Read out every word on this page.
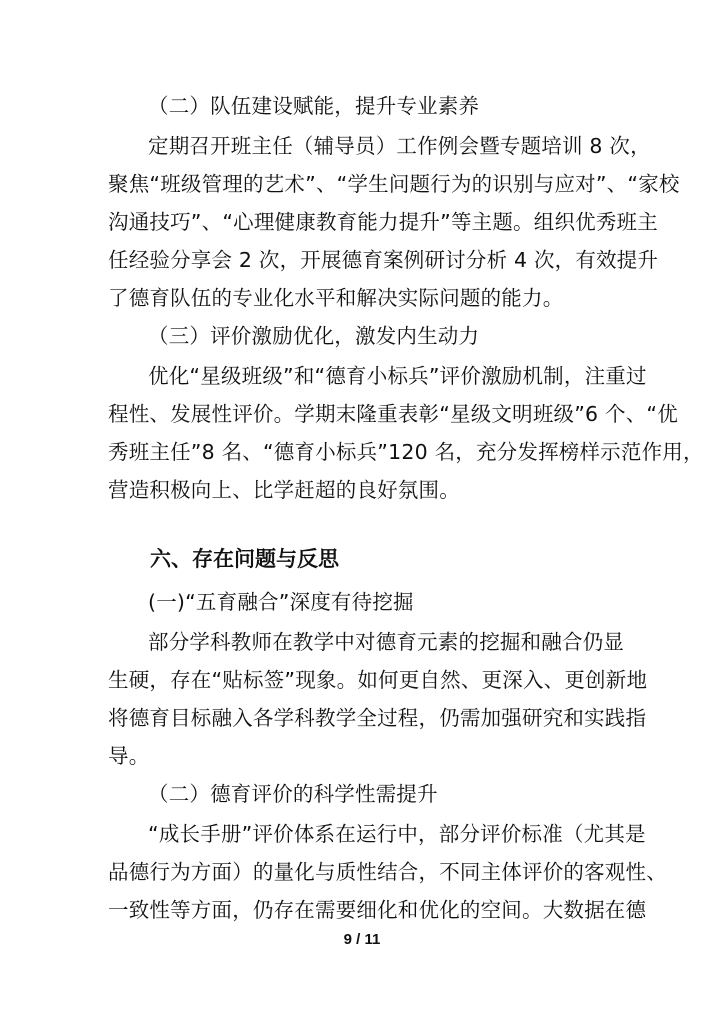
（二）队伍建设赋能，提升专业素养
定期召开班主任（辅导员）工作例会暨专题培训 8 次，
聚焦“班级管理的艺术”、“学生问题行为的识别与应对”、“家校
沟通技巧”、“心理健康教育能力提升”等主题。组织优秀班主
任经验分享会 2 次，开展德育案例研讨分析 4 次，有效提升
了德育队伍的专业化水平和解决实际问题的能力。
（三）评价激励优化，激发内生动力
优化“星级班级”和“德育小标兵”评价激励机制，注重过
程性、发展性评价。学期末隆重表彰“星级文明班级”6 个、“优
秀班主任”8 名、“德育小标兵”120 名，充分发挥榜样示范作用，
营造积极向上、比学赶超的良好氛围。
六、存在问题与反思
(一)“五育融合”深度有待挖掘
部分学科教师在教学中对德育元素的挖掘和融合仍显
生硬，存在“贴标签”现象。如何更自然、更深入、更创新地
将德育目标融入各学科教学全过程，仍需加强研究和实践指
导。
（二）德育评价的科学性需提升
“成长手册”评价体系在运行中，部分评价标准（尤其是
品德行为方面）的量化与质性结合，不同主体评价的客观性、
一致性等方面，仍存在需要细化和优化的空间。大数据在德
9 / 11
